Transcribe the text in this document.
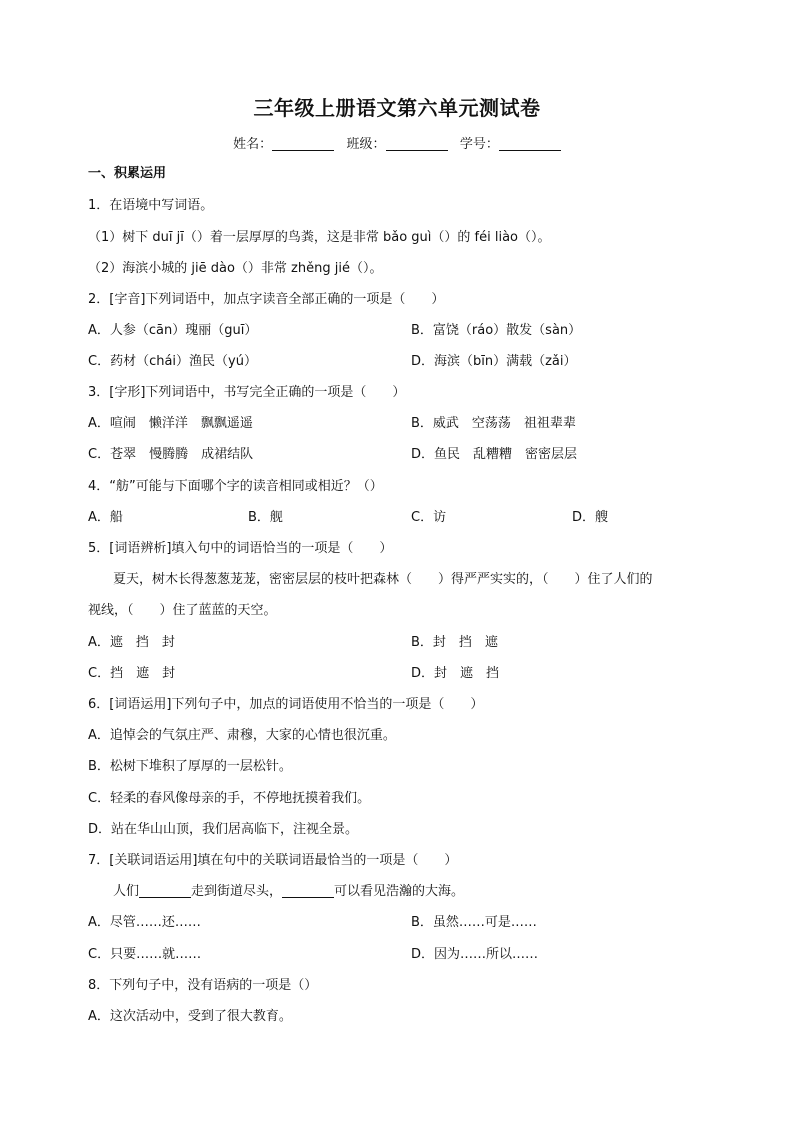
三年级上册语文第六单元测试卷
姓名：	班级：	学号：
一、积累运用
1．在语境中写词语。
（1）树下 duī jī（）着一层厚厚的鸟粪，这是非常 bǎo guì（）的 féi liào（）。
（2）海滨小城的 jiē dào（）非常 zhěng jié（）。
2．[字音]下列词语中，加点字读音全部正确的一项是（　　）
A．人参（cān）瑰丽（guī）	B．富饶（ráo）散发（sàn）
C．药材（chái）渔民（yú）	D．海滨（bīn）满载（zǎi）
3．[字形]下列词语中，书写完全正确的一项是（　　）
A．喧闹　懒洋洋　飘飘遥遥	B．威武　空荡荡　祖祖辈辈
C．苍翠　慢腾腾　成裙结队	D．鱼民　乱糟糟　密密层层
4．“舫”可能与下面哪个字的读音相同或相近？（）
A．船	B．舰	C．访	D．艘
5．[词语辨析]填入句中的词语恰当的一项是（　　）
夏天，树木长得葱葱茏茏，密密层层的枝叶把森林（　　）得严严实实的，（　　）住了人们的
视线，（　　）住了蓝蓝的天空。
A．遮　挡　封	B．封　挡　遮
C．挡　遮　封	D．封　遮　挡
6．[词语运用]下列句子中，加点的词语使用不恰当的一项是（　　）
A．追悼会的气氛庄严、肃穆，大家的心情也很沉重。
B．松树下堆积了厚厚的一层松针。
C．轻柔的春风像母亲的手，不停地抚摸着我们。
D．站在华山山顶，我们居高临下，注视全景。
7．[关联词语运用]填在句中的关联词语最恰当的一项是（　　）
人们	走到街道尽头，	可以看见浩瀚的大海。
A．尽管……还……	B．虽然……可是……
C．只要……就……	D．因为……所以……
8．下列句子中，没有语病的一项是（）
A．这次活动中，受到了很大教育。
